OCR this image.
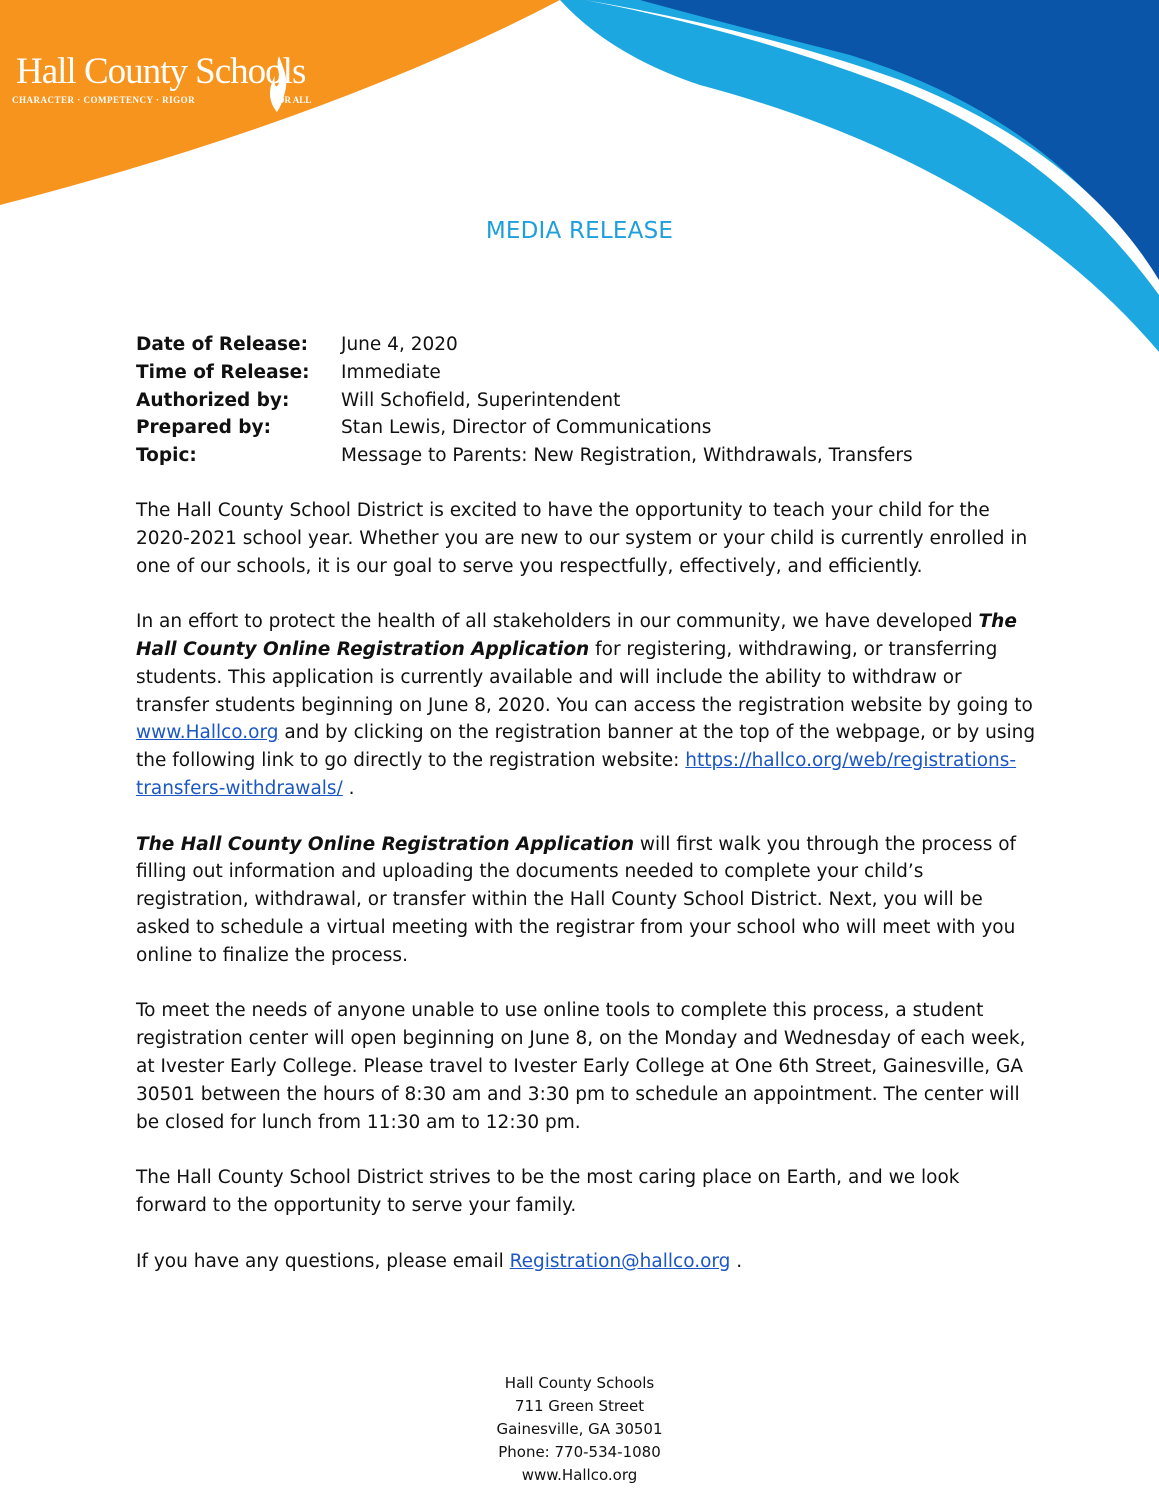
Hall County Schools
CHARACTER · COMPETENCY · RIGOR	FOR ALL
MEDIA RELEASE
Date of Release:	June 4, 2020
Time of Release:	Immediate
Authorized by:	Will Schofield, Superintendent
Prepared by:	Stan Lewis, Director of Communications
Topic:	Message to Parents: New Registration, Withdrawals, Transfers

The Hall County School District is excited to have the opportunity to teach your child for the 2020-2021 school year. Whether you are new to our system or your child is currently enrolled in one of our schools, it is our goal to serve you respectfully, effectively, and efficiently.

In an effort to protect the health of all stakeholders in our community, we have developed The Hall County Online Registration Application for registering, withdrawing, or transferring students. This application is currently available and will include the ability to withdraw or transfer students beginning on June 8, 2020. You can access the registration website by going to www.Hallco.org and by clicking on the registration banner at the top of the webpage, or by using the following link to go directly to the registration website: https://hallco.org/web/registrations-transfers-withdrawals/ .

The Hall County Online Registration Application will first walk you through the process of filling out information and uploading the documents needed to complete your child’s registration, withdrawal, or transfer within the Hall County School District. Next, you will be asked to schedule a virtual meeting with the registrar from your school who will meet with you online to finalize the process.

To meet the needs of anyone unable to use online tools to complete this process, a student registration center will open beginning on June 8, on the Monday and Wednesday of each week, at Ivester Early College. Please travel to Ivester Early College at One 6th Street, Gainesville, GA 30501 between the hours of 8:30 am and 3:30 pm to schedule an appointment. The center will be closed for lunch from 11:30 am to 12:30 pm.

The Hall County School District strives to be the most caring place on Earth, and we look forward to the opportunity to serve your family.

If you have any questions, please email Registration@hallco.org .

Hall County Schools
711 Green Street
Gainesville, GA 30501
Phone: 770-534-1080
www.Hallco.org
